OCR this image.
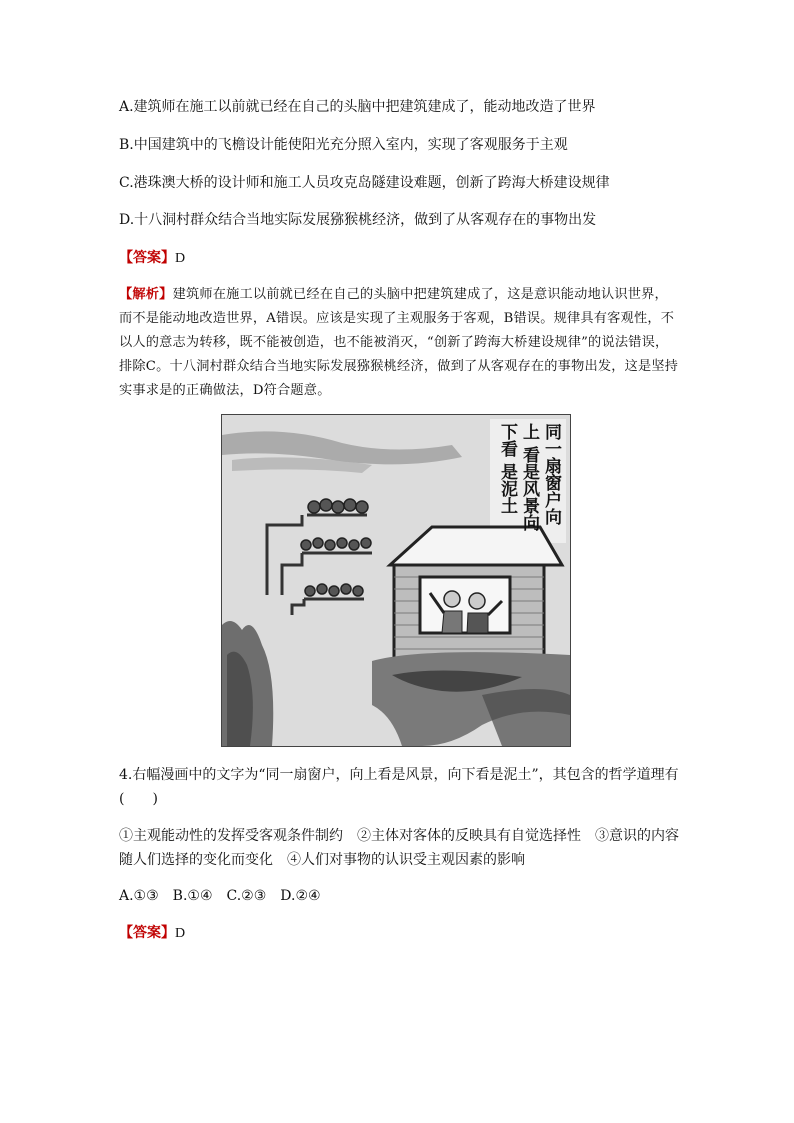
A.建筑师在施工以前就已经在自己的头脑中把建筑建成了，能动地改造了世界
B.中国建筑中的飞檐设计能使阳光充分照入室内，实现了客观服务于主观
C.港珠澳大桥的设计师和施工人员攻克岛隧建设难题，创新了跨海大桥建设规律
D.十八洞村群众结合当地实际发展猕猴桃经济，做到了从客观存在的事物出发
【答案】D
【解析】建筑师在施工以前就已经在自己的头脑中把建筑建成了，这是意识能动地认识世界，而不是能动地改造世界，A错误。应该是实现了主观服务于客观，B错误。规律具有客观性，不以人的意志为转移，既不能被创造，也不能被消灭，“创新了跨海大桥建设规律”的说法错误，排除C。十八洞村群众结合当地实际发展猕猴桃经济，做到了从客观存在的事物出发，这是坚持实事求是的正确做法，D符合题意。
同一扇窗户向上 看是风景向下看 是泥土
4.右幅漫画中的文字为“同一扇窗户，向上看是风景，向下看是泥土”，其包含的哲学道理有(　　)
①主观能动性的发挥受客观条件制约　②主体对客体的反映具有自觉选择性　③意识的内容随人们选择的变化而变化　④人们对事物的认识受主观因素的影响
A.①③　B.①④　C.②③　D.②④
【答案】D
